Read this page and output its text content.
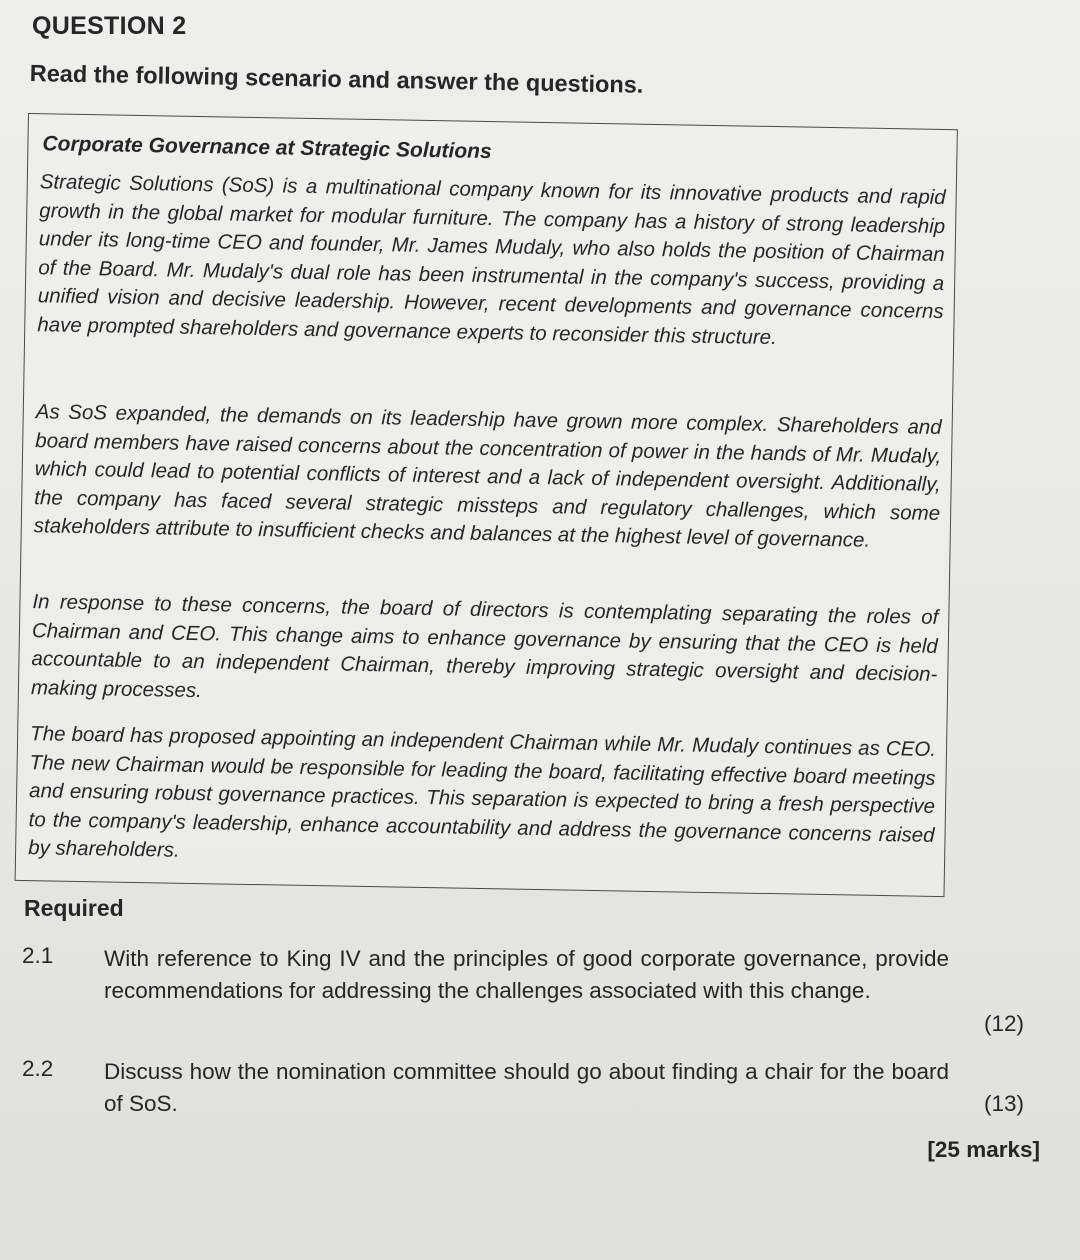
QUESTION 2
Read the following scenario and answer the questions.
Corporate Governance at Strategic Solutions

Strategic Solutions (SoS) is a multinational company known for its innovative products and rapid growth in the global market for modular furniture. The company has a history of strong leadership under its long-time CEO and founder, Mr. James Mudaly, who also holds the position of Chairman of the Board. Mr. Mudaly's dual role has been instrumental in the company's success, providing a unified vision and decisive leadership. However, recent developments and governance concerns have prompted shareholders and governance experts to reconsider this structure.

As SoS expanded, the demands on its leadership have grown more complex. Shareholders and board members have raised concerns about the concentration of power in the hands of Mr. Mudaly, which could lead to potential conflicts of interest and a lack of independent oversight. Additionally, the company has faced several strategic missteps and regulatory challenges, which some stakeholders attribute to insufficient checks and balances at the highest level of governance.

In response to these concerns, the board of directors is contemplating separating the roles of Chairman and CEO. This change aims to enhance governance by ensuring that the CEO is held accountable to an independent Chairman, thereby improving strategic oversight and decision-making processes.

The board has proposed appointing an independent Chairman while Mr. Mudaly continues as CEO. The new Chairman would be responsible for leading the board, facilitating effective board meetings and ensuring robust governance practices. This separation is expected to bring a fresh perspective to the company's leadership, enhance accountability and address the governance concerns raised by shareholders.

Required
2.1 With reference to King IV and the principles of good corporate governance, provide recommendations for addressing the challenges associated with this change.

(12)
2.2 Discuss how the nomination committee should go about finding a chair for the board of SoS.	(13)
[25 marks]
